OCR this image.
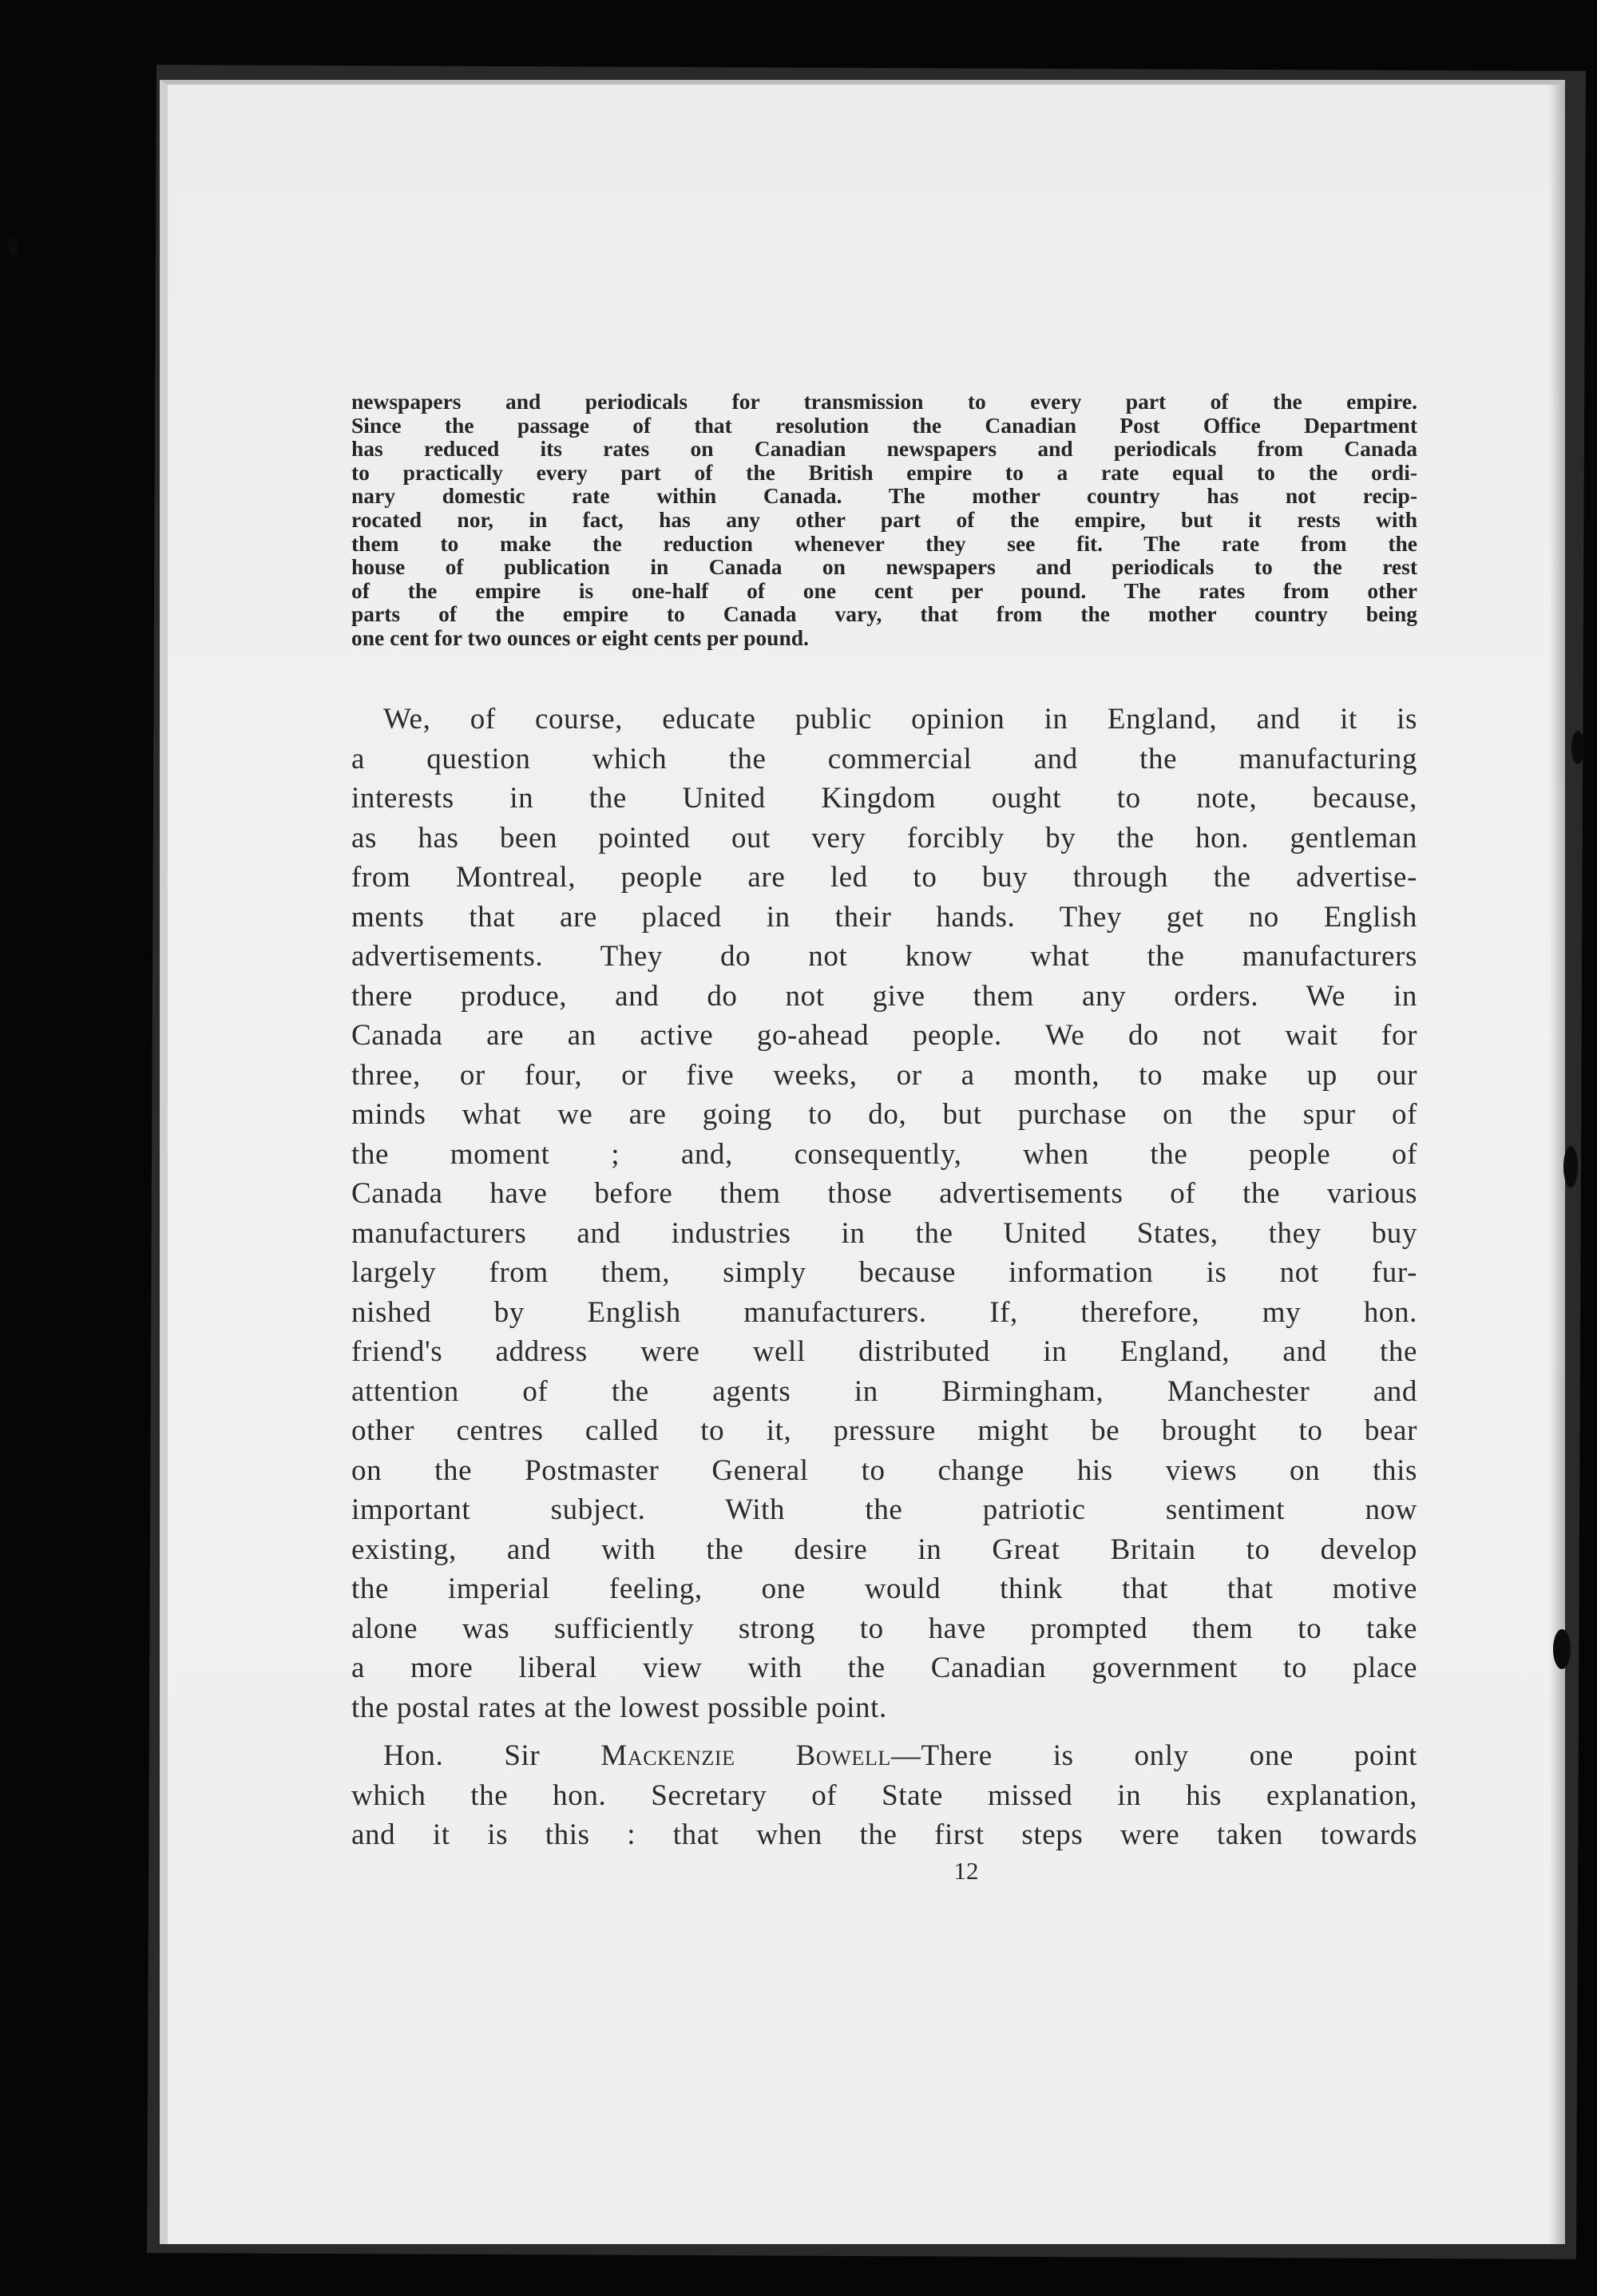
newspapers and periodicals for transmission to every part of the empire.
Since the passage of that resolution the Canadian Post Office Department
has reduced its rates on Canadian newspapers and periodicals from Canada
to practically every part of the British empire to a rate equal to the ordi-
nary domestic rate within Canada. The mother country has not recip-
rocated nor, in fact, has any other part of the empire, but it rests with
them to make the reduction whenever they see fit. The rate from the
house of publication in Canada on newspapers and periodicals to the rest
of the empire is one-half of one cent per pound. The rates from other
parts of the empire to Canada vary, that from the mother country being
one cent for two ounces or eight cents per pound.
We, of course, educate public opinion in England, and it is
a question which the commercial and the manufacturing
interests in the United Kingdom ought to note, because,
as has been pointed out very forcibly by the hon. gentleman
from Montreal, people are led to buy through the advertise-
ments that are placed in their hands. They get no English
advertisements. They do not know what the manufacturers
there produce, and do not give them any orders. We in
Canada are an active go-ahead people. We do not wait for
three, or four, or five weeks, or a month, to make up our
minds what we are going to do, but purchase on the spur of
the moment ; and, consequently, when the people of
Canada have before them those advertisements of the various
manufacturers and industries in the United States, they buy
largely from them, simply because information is not fur-
nished by English manufacturers. If, therefore, my hon.
friend's address were well distributed in England, and the
attention of the agents in Birmingham, Manchester and
other centres called to it, pressure might be brought to bear
on the Postmaster General to change his views on this
important subject. With the patriotic sentiment now
existing, and with the desire in Great Britain to develop
the imperial feeling, one would think that that motive
alone was sufficiently strong to have prompted them to take
a more liberal view with the Canadian government to place
the postal rates at the lowest possible point.
Hon. Sir Mackenzie Bowell—There is only one point
which the hon. Secretary of State missed in his explanation,
and it is this : that when the first steps were taken towards
12
